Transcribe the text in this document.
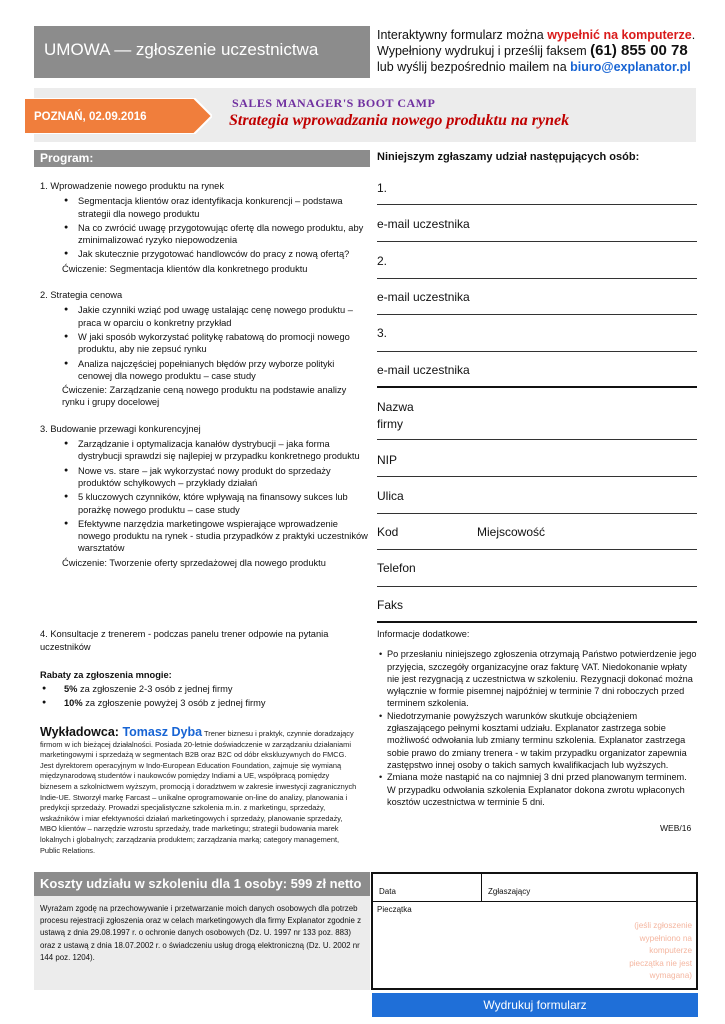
UMOWA — zgłoszenie uczestnictwa
Interaktywny formularz można wypełnić na komputerze.
Wypełniony wydrukuj i prześlij faksem (61) 855 00 78
lub wyślij bezpośrednio mailem na biuro@explanator.pl
POZNAŃ, 02.09.2016
SALES MANAGER'S BOOT CAMP
Strategia wprowadzania nowego produktu na rynek
Program:
1. Wprowadzenie nowego produktu na rynek
● Segmentacja klientów oraz identyfikacja konkurencji – podstawa strategii dla nowego produktu
● Na co zwrócić uwagę przygotowując ofertę dla nowego produktu, aby zminimalizować ryzyko niepowodzenia
● Jak skutecznie przygotować handlowców do pracy z nową ofertą?
Ćwiczenie: Segmentacja klientów dla konkretnego produktu
2. Strategia cenowa
● Jakie czynniki wziąć pod uwagę ustalając cenę nowego produktu – praca w oparciu o konkretny przykład
● W jaki sposób wykorzystać politykę rabatową do promocji nowego produktu, aby nie zepsuć rynku
● Analiza najczęściej popełnianych błędów przy wyborze polityki cenowej dla nowego produktu – case study
Ćwiczenie: Zarządzanie ceną nowego produktu na podstawie analizy rynku i grupy docelowej
3. Budowanie przewagi konkurencyjnej
● Zarządzanie i optymalizacja kanałów dystrybucji – jaka forma dystrybucji sprawdzi się najlepiej w przypadku konkretnego produktu
● Nowe vs. stare – jak wykorzystać nowy produkt do sprzedaży produktów schyłkowych – przykłady działań
● 5 kluczowych czynników, które wpływają na finansowy sukces lub porażkę nowego produktu – case study
● Efektywne narzędzia marketingowe wspierające wprowadzenie nowego produktu na rynek - studia przypadków z praktyki uczestników warsztatów
Ćwiczenie: Tworzenie oferty sprzedażowej dla nowego produktu
4. Konsultacje z trenerem - podczas panelu trener odpowie na pytania uczestników
Rabaty za zgłoszenia mnogie:
● 5% za zgłoszenie 2-3 osób z jednej firmy
● 10% za zgłoszenie powyżej 3 osób z jednej firmy
Wykładowca: Tomasz Dyba Trener biznesu i praktyk, czynnie doradzający firmom w ich bieżącej działalności. Posiada 20-letnie doświadczenie w zarządzaniu działaniami marketingowymi i sprzedażą w segmentach B2B oraz B2C od dóbr ekskluzywnych do FMCG. Jest dyrektorem operacyjnym w Indo-European Education Foundation, zajmuje się wymianą międzynarodową studentów i naukowców pomiędzy Indiami a UE, współpracą pomiędzy biznesem a szkolnictwem wyższym, promocją i doradztwem w zakresie inwestycji zagranicznych Indie-UE. Stworzył markę Farcast – unikalne oprogramowanie on-line do analizy, planowania i predykcji sprzedaży. Prowadzi specjalistyczne szkolenia m.in. z marketingu, sprzedaży, wskaźników i miar efektywności działań marketingowych i sprzedaży, planowanie sprzedaży, MBO klientów – narzędzie wzrostu sprzedaży, trade marketingu; strategii budowania marek lokalnych i globalnych; zarządzania produktem; zarządzania marką; category management, Public Relations.
Koszty udziału w szkoleniu dla 1 osoby: 599 zł netto
Wyrażam zgodę na przechowywanie i przetwarzanie moich danych osobowych dla potrzeb procesu rejestracji zgłoszenia oraz w celach marketingowych dla firmy Explanator zgodnie z ustawą z dnia 29.08.1997 r. o ochronie danych osobowych (Dz. U. 1997 nr 133 poz. 883) oraz z ustawą z dnia 18.07.2002 r. o świadczeniu usług drogą elektroniczną (Dz. U. 2002 nr 144 poz. 1204).
Niniejszym zgłaszamy udział następujących osób:
1.
e-mail uczestnika
2.
e-mail uczestnika
3.
e-mail uczestnika
Nazwa
firmy
NIP
Ulica
Kod	Miejscowość
Telefon
Faks
Informacje dodatkowe:
• Po przesłaniu niniejszego zgłoszenia otrzymają Państwo potwierdzenie jego przyjęcia, szczegóły organizacyjne oraz fakturę VAT. Niedokonanie wpłaty nie jest rezygnacją z uczestnictwa w szkoleniu. Rezygnacji dokonać można wyłącznie w formie pisemnej najpóźniej w terminie 7 dni roboczych przed terminem szkolenia.
• Niedotrzymanie powyższych warunków skutkuje obciążeniem zgłaszającego pełnymi kosztami udziału. Explanator zastrzega sobie możliwość odwołania lub zmiany terminu szkolenia. Explanator zastrzega sobie prawo do zmiany trenera - w takim przypadku organizator zapewnia zastępstwo innej osoby o takich samych kwalifikacjach lub wyższych.
• Zmiana może nastąpić na co najmniej 3 dni przed planowanym terminem. W przypadku odwołania szkolenia Explanator dokona zwrotu wpłaconych kosztów uczestnictwa w terminie 5 dni.
WEB/16
Data	Zgłaszający
Pieczątka
(jeśli zgłoszenie wypełniono na komputerze pieczątka nie jest wymagana)
Wydrukuj formularz
